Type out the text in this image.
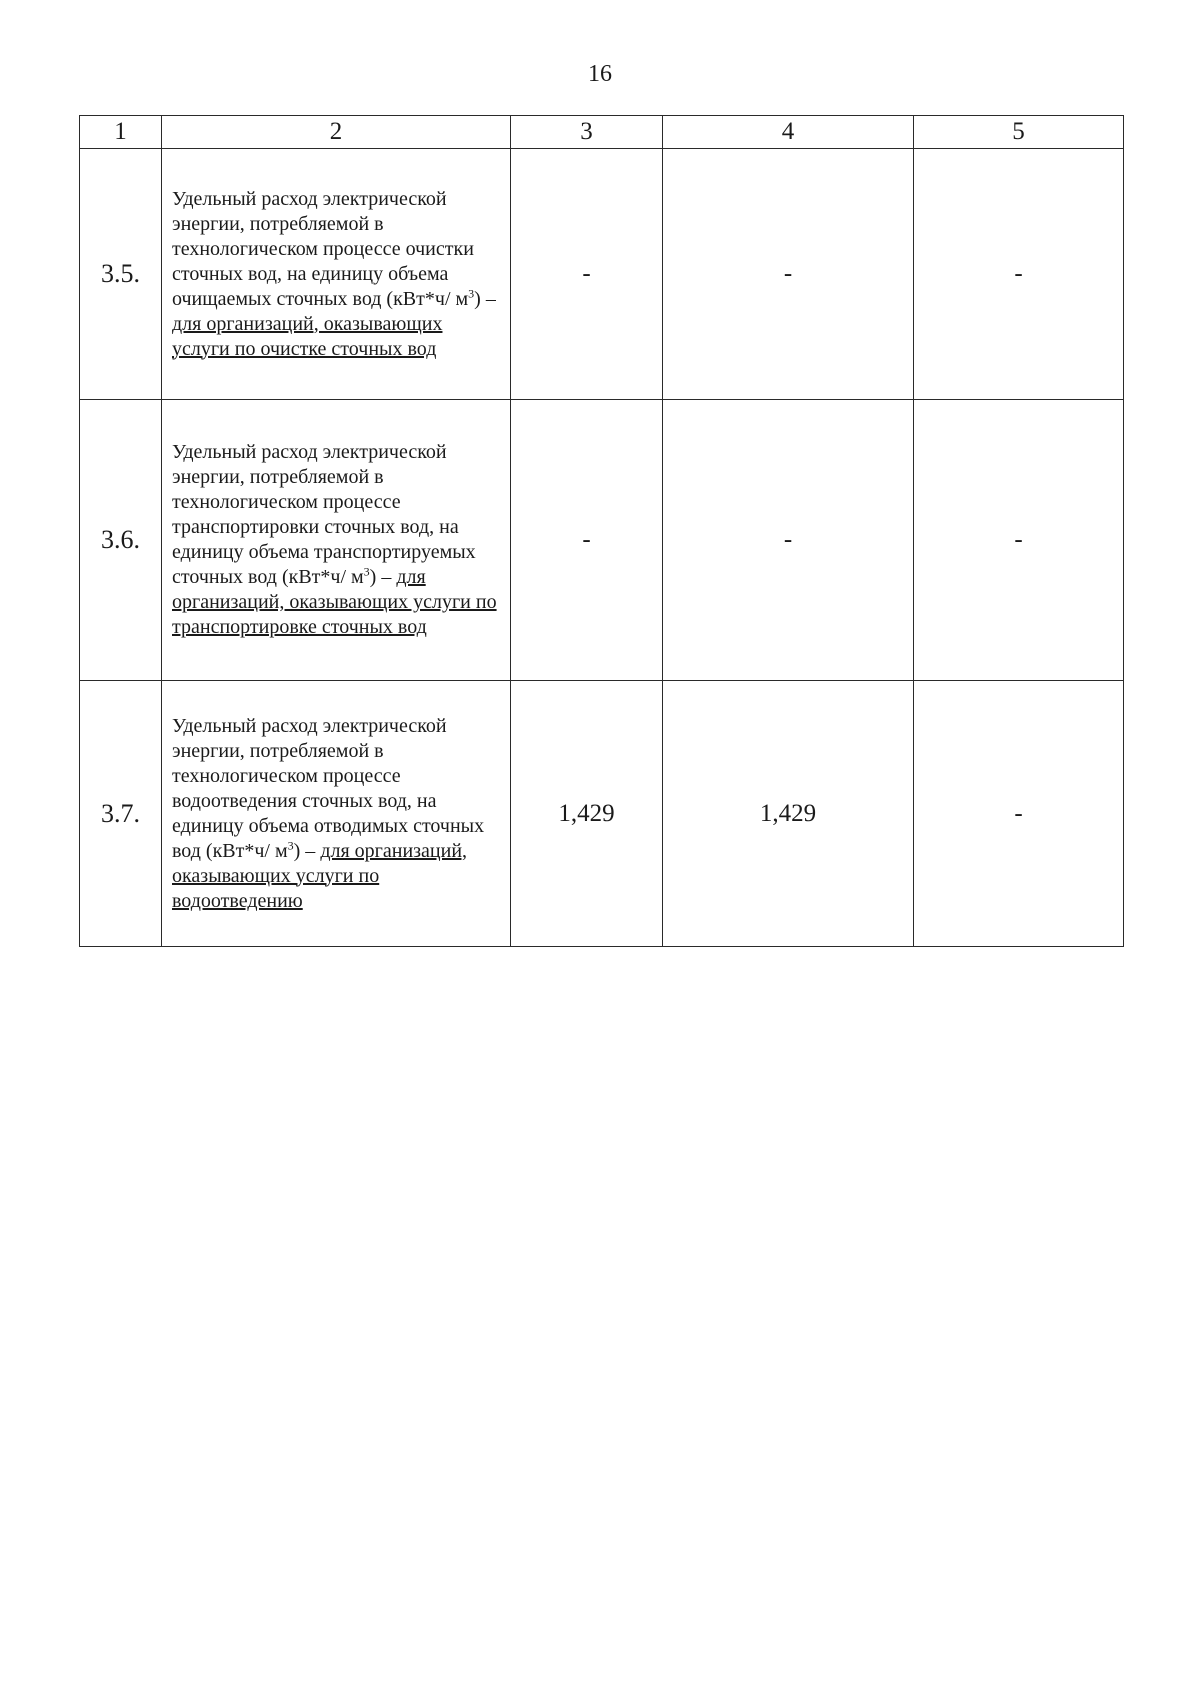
16
1	2	3	4	5
3.5.	Удельный расход электрической энергии, потребляемой в технологическом процессе очистки сточных вод, на единицу объема очищаемых сточных вод (кВт*ч/ $м^3$) – для организаций, оказывающих услуги по очистке сточных вод	-	-	-
3.6.	Удельный расход электрической энергии, потребляемой в технологическом процессе транспортировки сточных вод, на единицу объема транспортируемых сточных вод (кВт*ч/ $м^3$) – для организаций, оказывающих услуги по транспортировке сточных вод	-	-	-
3.7.	Удельный расход электрической энергии, потребляемой в технологическом процессе водоотведения сточных вод, на единицу объема отводимых сточных вод (кВт*ч/ $м^3$) – для организаций, оказывающих услуги по водоотведению	1,429	1,429	-
